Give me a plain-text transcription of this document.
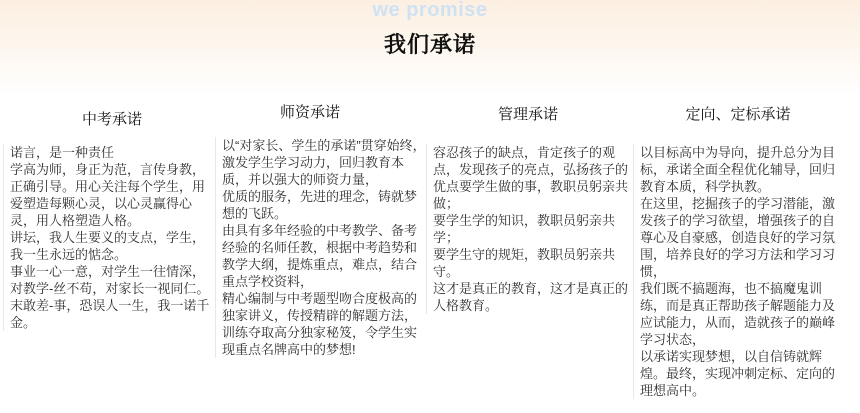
we promise
我们承诺
中考承诺

诺言，是一种责任

学高为师，身正为范，言传身教，正确引导。用心关注每个学生，用爱塑造每颗心灵，以心灵赢得心灵，用人格塑造人格。

讲坛，我人生要义的支点，学生，我一生永远的惦念。

事业一心一意，对学生一往情深，对教学-丝不苟，对家长一视同仁。末敢差-事，恐误人一生，我一诺千金。

师资承诺

以“对家长、学生的承诺”贯穿始终，激发学生学习动力，回归教育本质，并以强大的师资力量，

优质的服务，先进的理念，铸就梦想的飞跃。

由具有多年经验的中考教学、备考经验的名师任教，根据中考趋势和教学大纲，提炼重点，难点，结合重点学校资料，

精心编制与中考题型吻合度极高的独家讲义，传授精辟的解题方法，训练夺取高分独家秘笈，令学生实现重点名牌高中的梦想!

管理承诺

容忍孩子的缺点，肯定孩子的观点，发现孩子的亮点，弘扬孩子的优点要学生做的事，教职员躬亲共做；

要学生学的知识，教职员躬亲共学；

要学生守的规矩，教职员躬亲共守。

这才是真正的教育，这才是真正的人格教育。

定向、定标承诺

以目标高中为导向，提升总分为目标，承诺全面全程优化辅导，回归教育本质，科学执教。

在这里，挖掘孩子的学习潜能，激发孩子的学习欲望，增强孩子的自尊心及自豪感，创造良好的学习氛围，培养良好的学习方法和学习习惯，

我们既不搞题海，也不搞魔鬼训练，而是真正帮助孩子解题能力及应试能力，从而，造就孩子的巅峰学习状态，

以承诺实现梦想，以自信铸就辉煌。最终，实现冲刺定标、定向的理想高中。
